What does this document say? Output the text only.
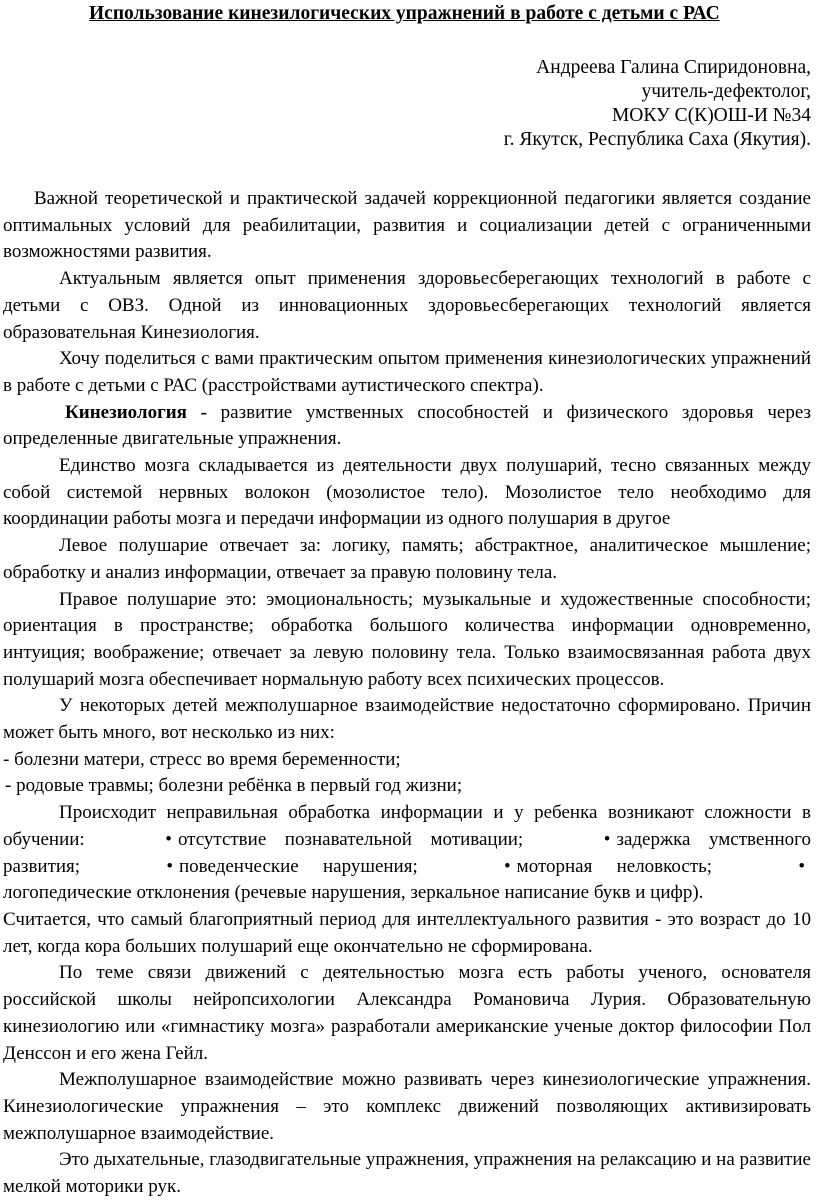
Использование кинезилогических упражнений в работе с детьми с РАС
Андреева Галина Спиридоновна,
учитель-дефектолог,
МОКУ С(К)ОШ-И №34
г. Якутск, Республика Саха (Якутия).

Важной теоретической и практической задачей коррекционной педагогики является создание оптимальных условий для реабилитации, развития и социализации детей с ограниченными возможностями развития.

Актуальным является опыт применения здоровьесберегающих технологий в работе с детьми с ОВЗ. Одной из инновационных здоровьесберегающих технологий является образовательная Кинезиология.

Хочу поделиться с вами практическим опытом применения кинезиологических упражнений в работе с детьми с РАС (расстройствами аутистического спектра).

Кинезиология - развитие умственных способностей и физического здоровья через определенные двигательные упражнения.

Единство мозга складывается из деятельности двух полушарий, тесно связанных между собой системой нервных волокон (мозолистое тело). Мозолистое тело необходимо для координации работы мозга и передачи информации из одного полушария в другое

Левое полушарие отвечает за: логику, память; абстрактное, аналитическое мышление; обработку и анализ информации, отвечает за правую половину тела.

Правое полушарие это: эмоциональность; музыкальные и художественные способности; ориентация в пространстве; обработка большого количества информации одновременно, интуиция; воображение; отвечает за левую половину тела. Только взаимосвязанная работа двух полушарий мозга обеспечивает нормальную работу всех психических процессов.

У некоторых детей межполушарное взаимодействие недостаточно сформировано. Причин может быть много, вот несколько из них:

- болезни матери, стресс во время беременности;

- родовые травмы; болезни ребёнка в первый год жизни;

Происходит неправильная обработка информации и у ребенка возникают сложности в обучении:	• отсутствие познавательной мотивации;	• задержка умственного развития;	• поведенческие нарушения;	• моторная неловкость;	•логопедические отклонения (речевые нарушения, зеркальное написание букв и цифр).

Считается, что самый благоприятный период для интеллектуального развития - это возраст до 10 лет, когда кора больших полушарий еще окончательно не сформирована.

По теме связи движений с деятельностью мозга есть работы ученого, основателя российской школы нейропсихологии Александра Романовича Лурия. Образовательную кинезиологию или «гимнастику мозга» разработали американские ученые доктор философии Пол Денссон и его жена Гейл.

Межполушарное взаимодействие можно развивать через кинезиологические упражнения. Кинезиологические упражнения – это комплекс движений позволяющих активизировать межполушарное взаимодействие.

Это дыхательные, глазодвигательные упражнения, упражнения на релаксацию и на развитие мелкой моторики рук.
